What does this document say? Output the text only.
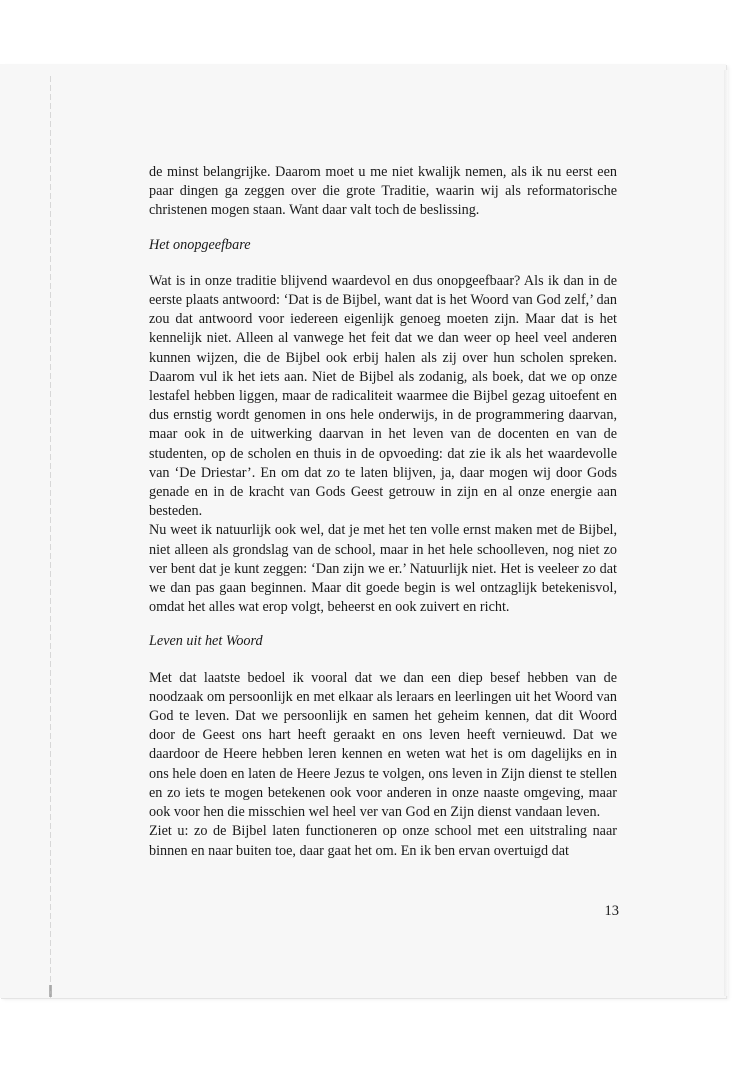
de minst belangrijke. Daarom moet u me niet kwalijk nemen, als ik nu eerst een paar dingen ga zeggen over die grote Traditie, waarin wij als reformatorische christenen mogen staan. Want daar valt toch de beslissing.

Het onopgeefbare

Wat is in onze traditie blijvend waardevol en dus onopgeefbaar? Als ik dan in de eerste plaats antwoord: ‘Dat is de Bijbel, want dat is het Woord van God zelf,’ dan zou dat antwoord voor iedereen eigenlijk genoeg moeten zijn. Maar dat is het kennelijk niet. Alleen al vanwege het feit dat we dan weer op heel veel anderen kunnen wijzen, die de Bijbel ook erbij halen als zij over hun scholen spreken. Daarom vul ik het iets aan. Niet de Bijbel als zodanig, als boek, dat we op onze lestafel hebben liggen, maar de radicaliteit waarmee die Bijbel gezag uitoefent en dus ernstig wordt genomen in ons hele onderwijs, in de programmering daarvan, maar ook in de uitwerking daarvan in het leven van de docenten en van de studenten, op de scholen en thuis in de opvoeding: dat zie ik als het waardevolle van ‘De Driestar’. En om dat zo te laten blijven, ja, daar mogen wij door Gods genade en in de kracht van Gods Geest getrouw in zijn en al onze energie aan besteden.

Nu weet ik natuurlijk ook wel, dat je met het ten volle ernst maken met de Bijbel, niet alleen als grondslag van de school, maar in het hele schoolleven, nog niet zo ver bent dat je kunt zeggen: ‘Dan zijn we er.’ Natuurlijk niet. Het is veeleer zo dat we dan pas gaan beginnen. Maar dit goede begin is wel ontzaglijk betekenisvol, omdat het alles wat erop volgt, beheerst en ook zuivert en richt.

Leven uit het Woord

Met dat laatste bedoel ik vooral dat we dan een diep besef hebben van de noodzaak om persoonlijk en met elkaar als leraars en leerlingen uit het Woord van God te leven. Dat we persoonlijk en samen het geheim kennen, dat dit Woord door de Geest ons hart heeft geraakt en ons leven heeft vernieuwd. Dat we daardoor de Heere hebben leren kennen en weten wat het is om dagelijks en in ons hele doen en laten de Heere Jezus te volgen, ons leven in Zijn dienst te stellen en zo iets te mogen betekenen ook voor anderen in onze naaste omgeving, maar ook voor hen die misschien wel heel ver van God en Zijn dienst vandaan leven.

Ziet u: zo de Bijbel laten functioneren op onze school met een uitstraling naar binnen en naar buiten toe, daar gaat het om. En ik ben ervan overtuigd dat

13
